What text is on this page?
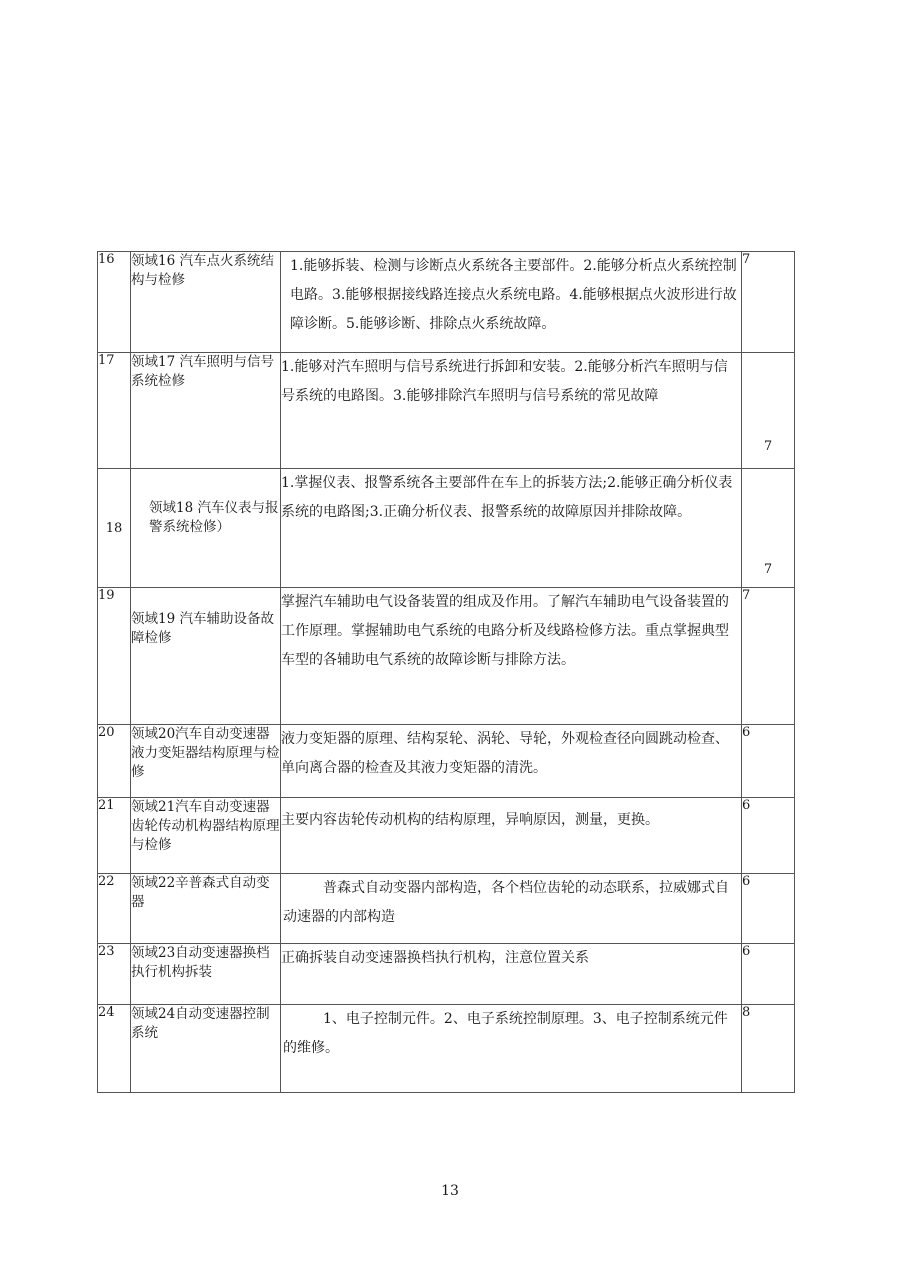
16	领域16 汽车点火系统结构与检修	1.能够拆装、检测与诊断点火系统各主要部件。2.能够分析点火系统控制电路。3.能够根据接线路连接点火系统电路。4.能够根据点火波形进行故障诊断。5.能够诊断、排除点火系统故障。	7
17	领域17 汽车照明与信号系统检修	1.能够对汽车照明与信号系统进行拆卸和安装。2.能够分析汽车照明与信号系统的电路图。3.能够排除汽车照明与信号系统的常见故障	7
18	领域18 汽车仪表与报警系统检修）	1.掌握仪表、报警系统各主要部件在车上的拆装方法;2.能够正确分析仪表系统的电路图;3.正确分析仪表、报警系统的故障原因并排除故障。	7
19	领域19 汽车辅助设备故障检修	掌握汽车辅助电气设备装置的组成及作用。了解汽车辅助电气设备装置的工作原理。掌握辅助电气系统的电路分析及线路检修方法。重点掌握典型车型的各辅助电气系统的故障诊断与排除方法。	7
20	领域20汽车自动变速器液力变矩器结构原理与检修	液力变矩器的原理、结构泵轮、涡轮、导轮，外观检查径向圆跳动检查、单向离合器的检查及其液力变矩器的清洗。	6
21	领域21汽车自动变速器齿轮传动机构器结构原理与检修	主要内容齿轮传动机构的结构原理，异响原因，测量，更换。	6
22	领域22辛普森式自动变器	普森式自动变器内部构造，各个档位齿轮的动态联系，拉威娜式自动速器的内部构造	6
23	领域23自动变速器换档执行机构拆装	正确拆装自动变速器换档执行机构，注意位置关系	6
24	领域24自动变速器控制系统	1、电子控制元件。2、电子系统控制原理。3、电子控制系统元件的维修。	8
13
